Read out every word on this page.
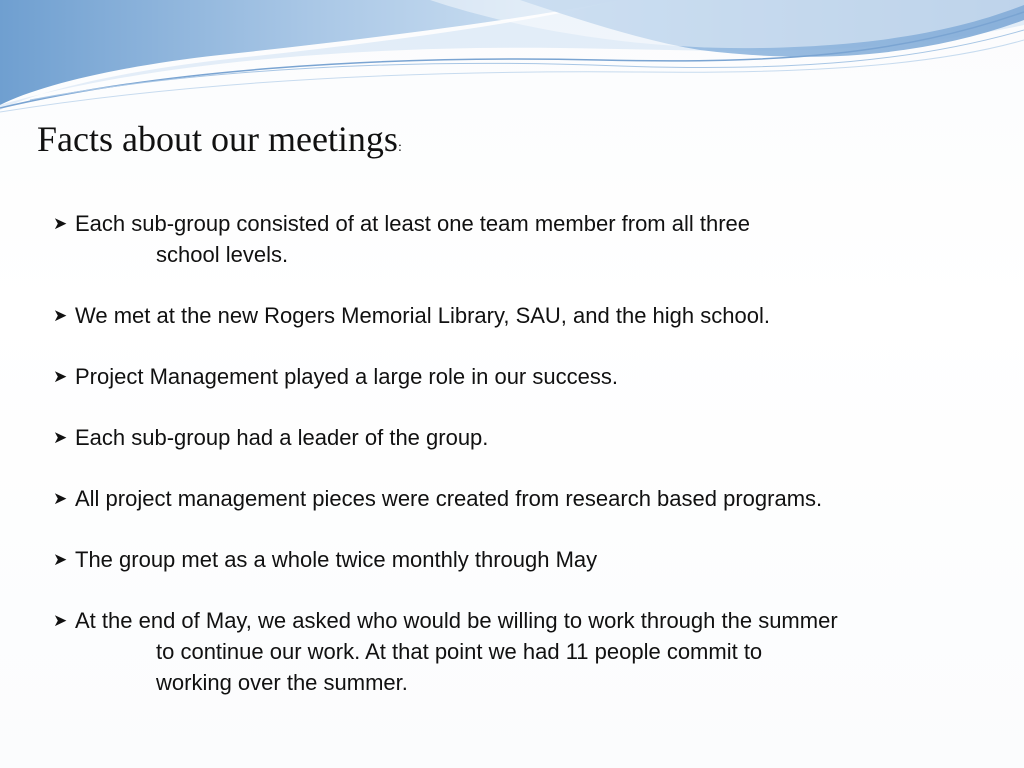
Facts about our meetings:
➤ Each sub-group consisted of at least one team member from all three
school levels.
➤ We met at the new Rogers Memorial Library, SAU, and the high school.
➤ Project Management played a large role in our success.
➤ Each sub-group had a leader of the group.
➤ All project management pieces were created from research based programs.
➤ The group met as a whole twice monthly through May
➤ At the end of May, we asked who would be willing to work through the summer
to continue our work. At that point we had 11 people commit to
working over the summer.
